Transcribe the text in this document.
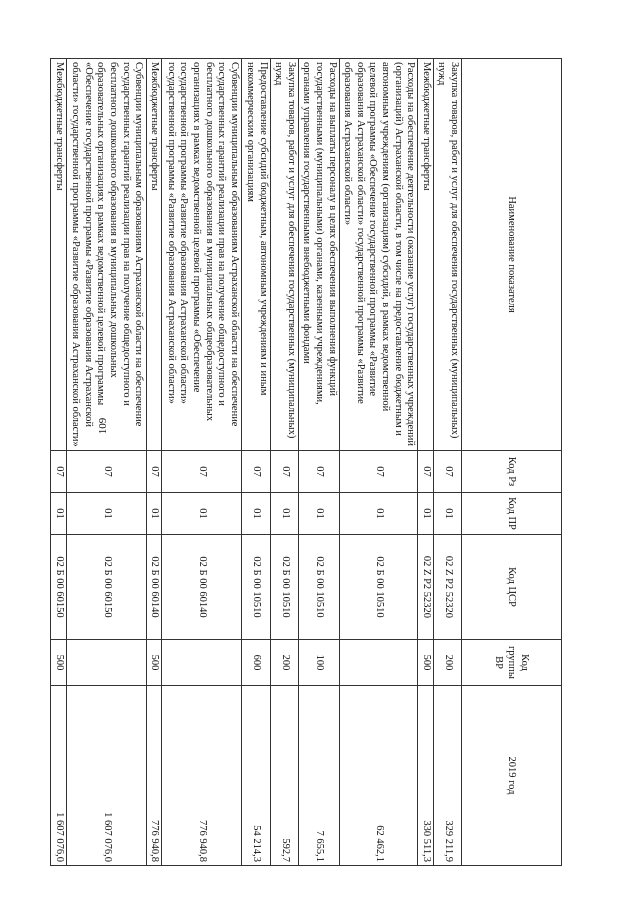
109
Наименование показателя	Код Рз	Код ПР	Код ЦСР	Код группы ВР	2019 год
Закупка товаров, работ и услуг для обеспечения государственных (муниципальных) нужд	07	01	02 Z P2 52320	200	329 211,9
Межбюджетные трансферты	07	01	02 Z P2 52320	500	330 511,3
Расходы на обеспечение деятельности (оказание услуг) государственных учреждений (организаций) Астраханской области, в том числе на предоставление бюджетным и автономным учреждениям (организациям) субсидий, в рамках ведомственной целевой программы «Обеспечение государственной программы «Развитие образования Астраханской области» государственной программы «Развитие образования Астраханской области»	07	01	02 Б 00 10510		62 462,1
Расходы на выплаты персоналу в целях обеспечения выполнения функций государственными (муниципальными) органами, казенными учреждениями, органами управления государственными внебюджетными фондами	07	01	02 Б 00 10510	100	7 655,1
Закупка товаров, работ и услуг для обеспечения государственных (муниципальных) нужд	07	01	02 Б 00 10510	200	592,7
Предоставление субсидий бюджетным, автономным учреждениям и иным некоммерческим организациям	07	01	02 Б 00 10510	600	54 214,3
Субвенции муниципальным образованиям Астраханской области на обеспечение государственных гарантий реализации прав на получение общедоступного и бесплатного дошкольного образования в муниципальных общеобразовательных организациях в рамках ведомственной целевой программы «Обеспечение государственной программы «Развитие образования Астраханской области» государственной программы «Развитие образования Астраханской области»	07	01	02 Б 00 60140		776 940,8
Межбюджетные трансферты	07	01	02 Б 00 60140	500	776 940,8
Субвенции муниципальным образованиям Астраханской области на обеспечение государственных гарантий реализации прав на получение общедоступного и бесплатного дошкольного образования в муниципальных дошкольных образовательных организациях в рамках ведомственной целевой программы «Обеспечение государственной программы «Развитие образования Астраханской области» государственной программы «Развитие образования Астраханской области»	07	01	02 Б 00 60150		1 607 076,0
Межбюджетные трансферты	07	01	02 Б 00 60150	500	1 607 076,0
